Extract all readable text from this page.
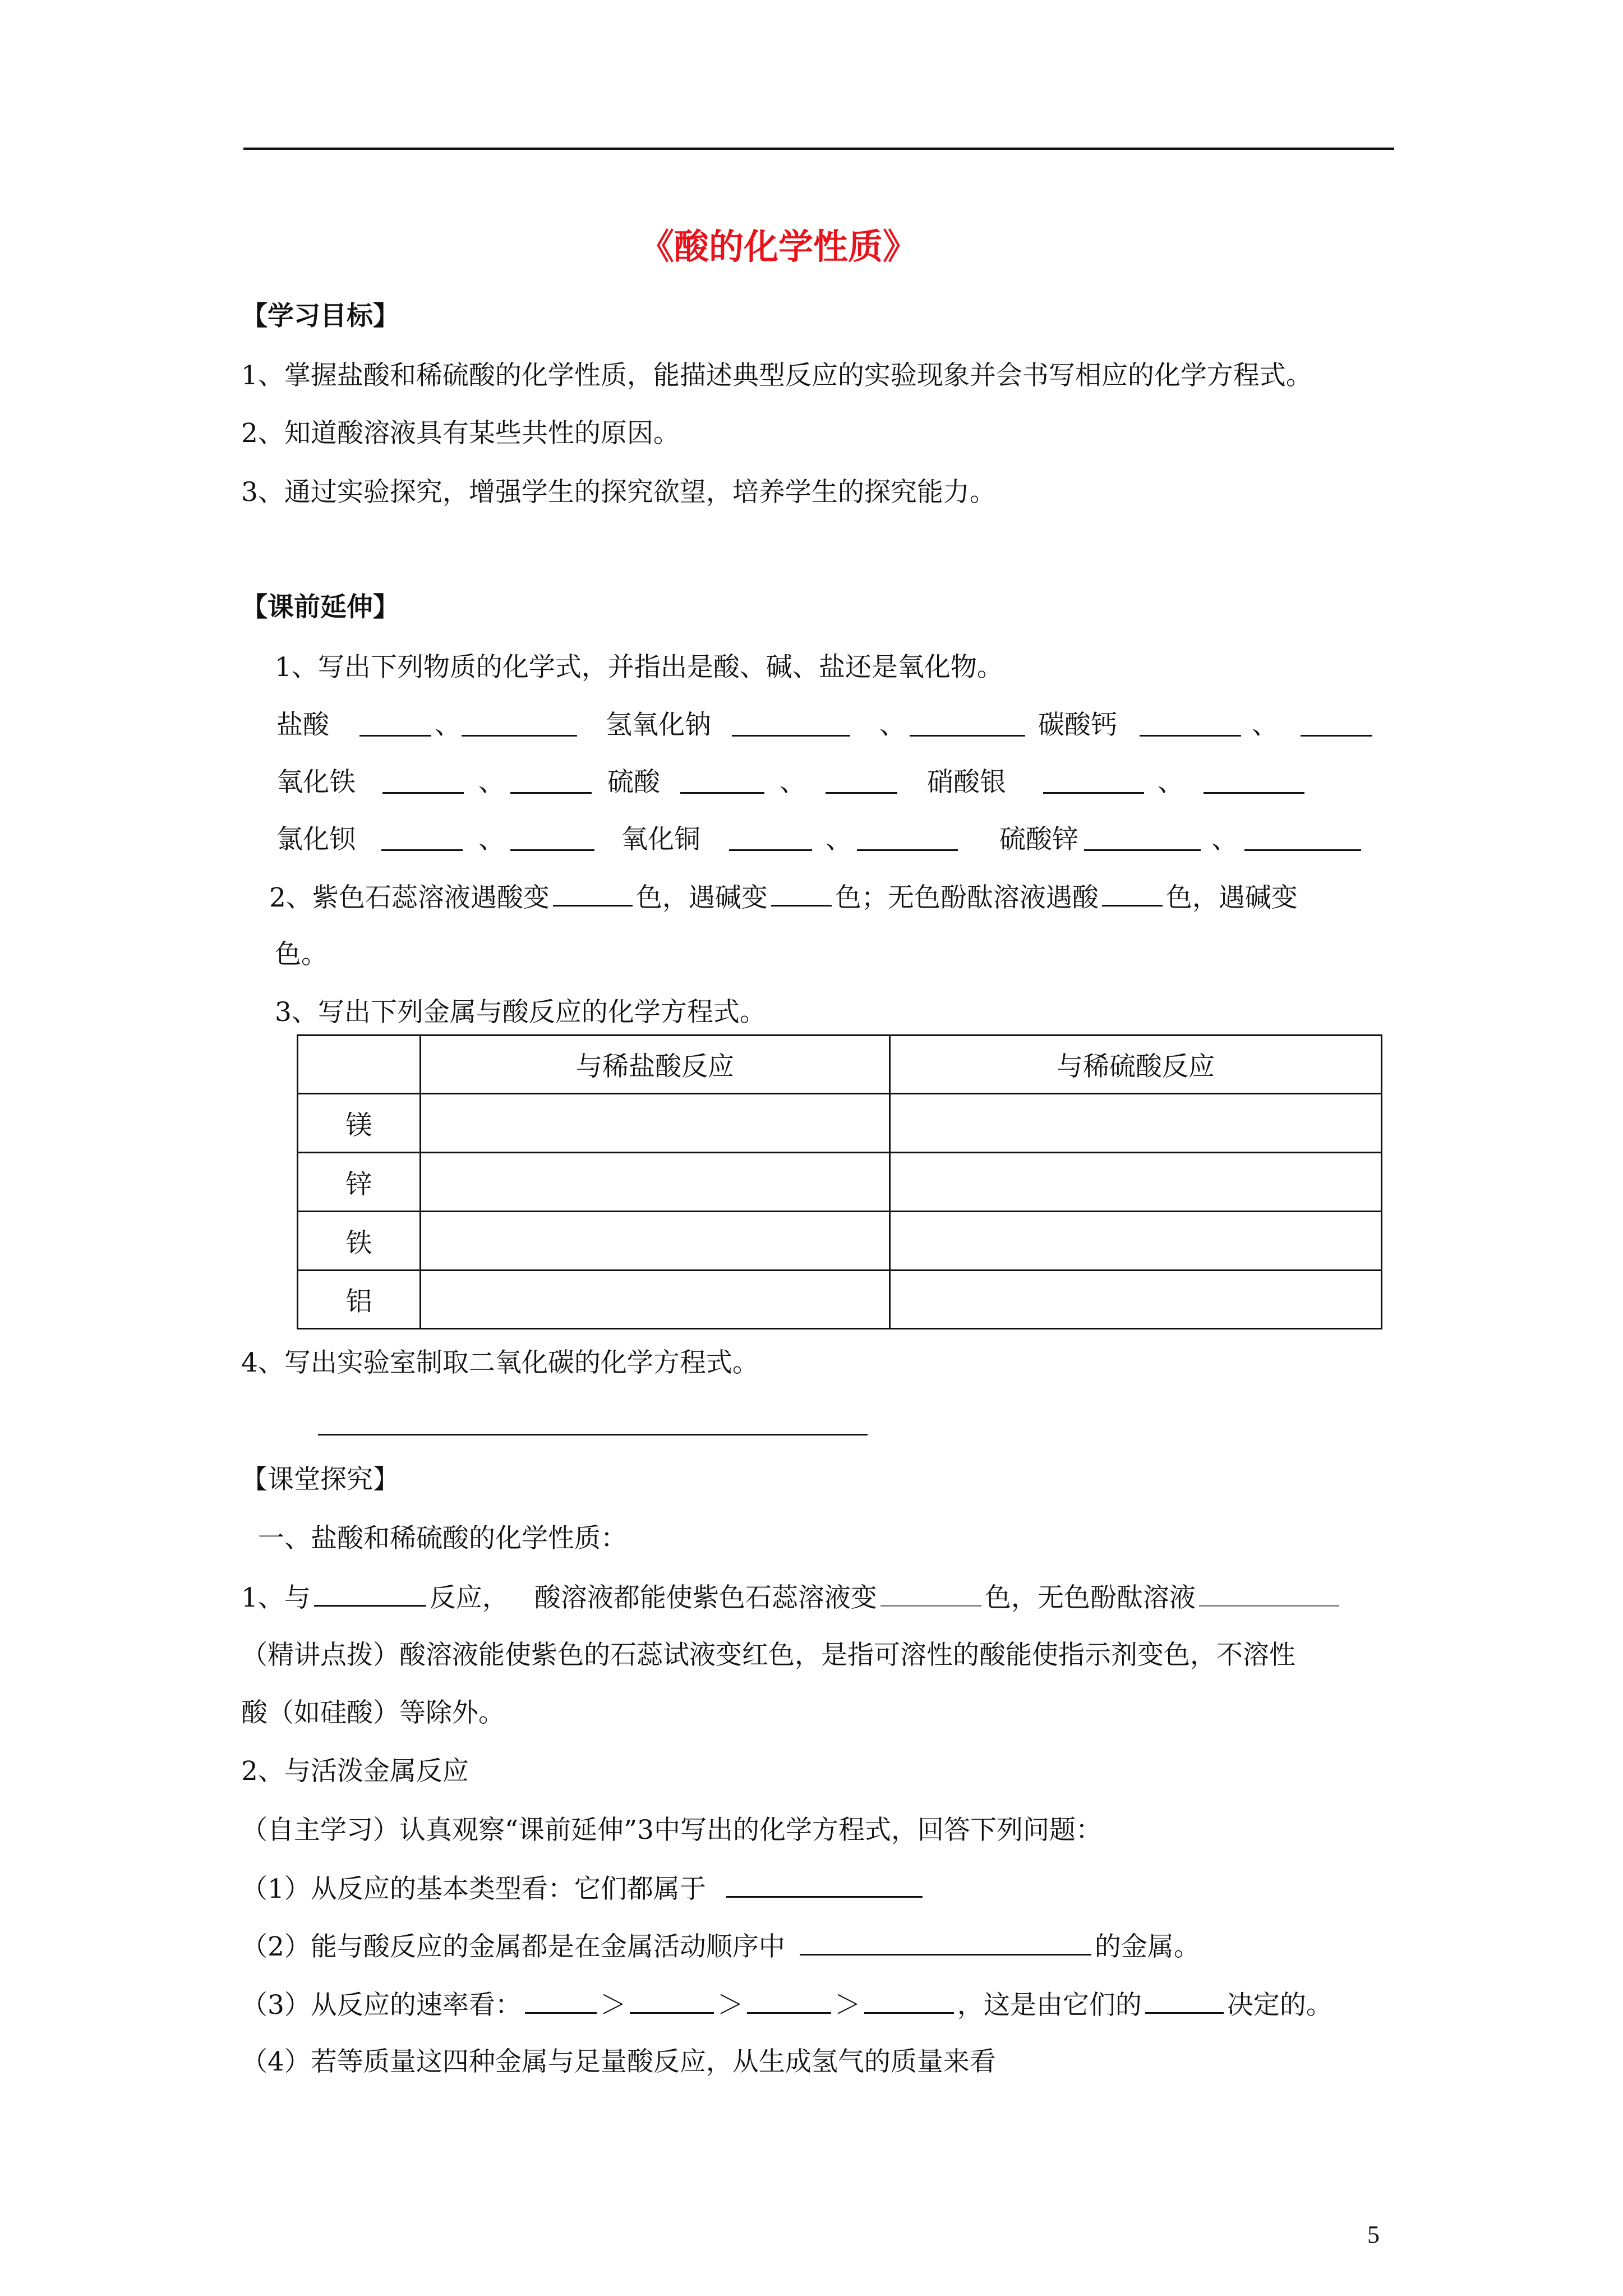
《酸的化学性质》
【学习目标】
1、掌握盐酸和稀硫酸的化学性质，能描述典型反应的实验现象并会书写相应的化学方程式。
2、知道酸溶液具有某些共性的原因。
3、通过实验探究，增强学生的探究欲望，培养学生的探究能力。
【课前延伸】
1、写出下列物质的化学式，并指出是酸、碱、盐还是氧化物。
盐酸	、	氢氧化钠	、	碳酸钙	、
氧化铁	、	硫酸	、	硝酸银	、
氯化钡	、	氧化铜	、	硫酸锌	、
2、紫色石蕊溶液遇酸变	色，遇碱变	色；无色酚酞溶液遇酸	色，遇碱变
色。
3、写出下列金属与酸反应的化学方程式。
	与稀盐酸反应	与稀硫酸反应
镁		
锌		
铁		
铝		
4、写出实验室制取二氧化碳的化学方程式。
【课堂探究】
一、盐酸和稀硫酸的化学性质：
1、与	反应， 酸溶液都能使紫色石蕊溶液变	色，无色酚酞溶液
（精讲点拨）酸溶液能使紫色的石蕊试液变红色，是指可溶性的酸能使指示剂变色，不溶性
酸（如硅酸）等除外。
2、与活泼金属反应
（自主学习）认真观察“课前延伸”3中写出的化学方程式，回答下列问题：
（1）从反应的基本类型看：它们都属于
（2）能与酸反应的金属都是在金属活动顺序中	的金属。
（3）从反应的速率看：	＞	＞	＞	，这是由它们的	决定的。
（4）若等质量这四种金属与足量酸反应，从生成氢气的质量来看
5
